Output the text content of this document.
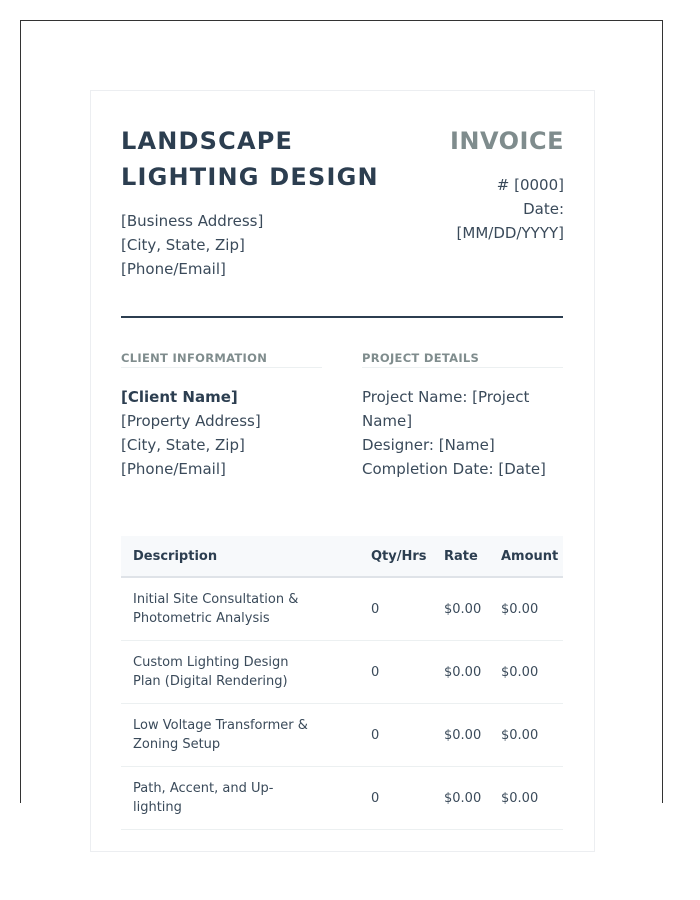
LANDSCAPE LIGHTING DESIGN
[Business Address]
[City, State, Zip]
[Phone/Email]
INVOICE
# [0000]
Date:
[MM/DD/YYYY]
CLIENT INFORMATION
[Client Name]
[Property Address]
[City, State, Zip]
[Phone/Email]
PROJECT DETAILS
Project Name: [Project Name]
Designer: [Name]
Completion Date: [Date]
Description	Qty/Hrs	Rate	Amount
Initial Site Consultation & Photometric Analysis	0	$0.00	$0.00
Custom Lighting Design Plan (Digital Rendering)	0	$0.00	$0.00
Low Voltage Transformer & Zoning Setup	0	$0.00	$0.00
Path, Accent, and Up-lighting	0	$0.00	$0.00
